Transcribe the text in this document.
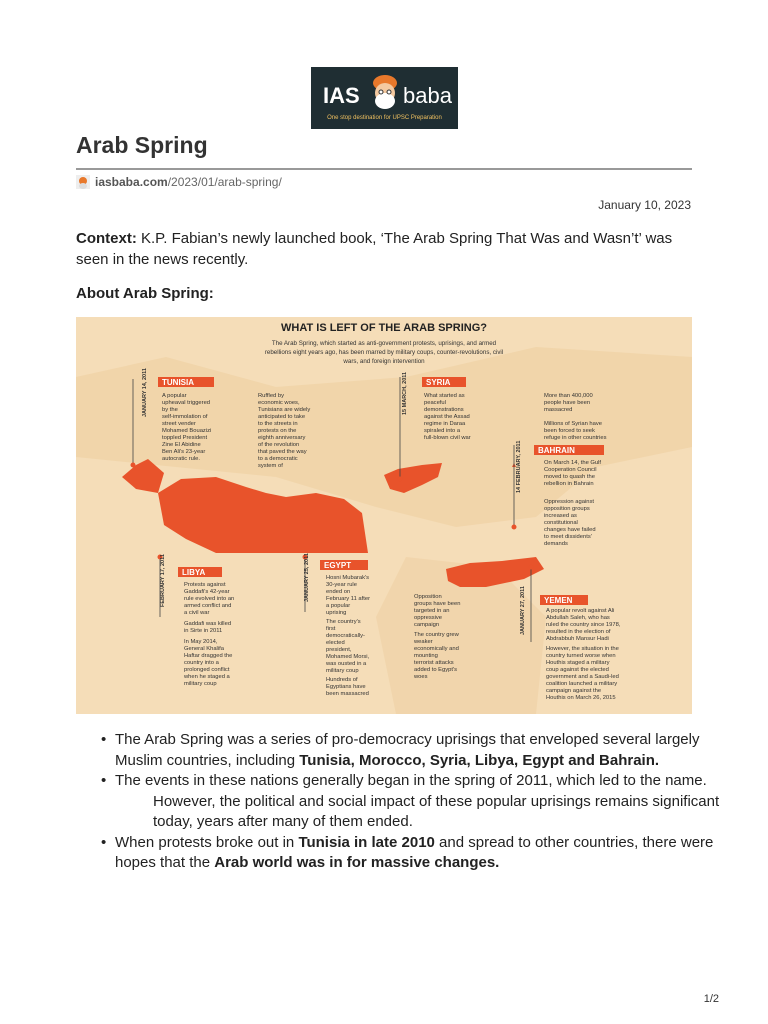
IAS baba
One stop destination for UPSC Preparation
Arab Spring
iasbaba.com/2023/01/arab-spring/
January 10, 2023
Context: K.P. Fabian’s newly launched book, ‘The Arab Spring That Was and Wasn’t’ was seen in the news recently.
About Arab Spring:
WHAT IS LEFT OF THE ARAB SPRING?
The Arab Spring, which started as anti-government protests, uprisings, and armed
rebellions eight years ago, has been marred by military coups, counter-revolutions, civil
wars, and foreign intervention
TUNISIA
JANUARY 14, 2011 A popular
upheaval triggered
by the
self-immolation of
street vender
Mohamed Bouazizi
toppled President
Zine El Abidine
Ben Ali's 23-year
autocratic rule.
Ruffled by
economic woes,
Tunisians are widely
anticipated to take
to the streets in
protests on the
eighth anniversary
of the revolution
that paved the way
to a democratic
system of
SYRIA
15 MARCH, 2011	What started as
peaceful
demonstrations
against the Assad
regime in Daraa
spiraled into a
full-blown civil war
More than 400,000
people have been
massacred
Millions of Syrian have
been forced to seek
refuge in other countries
BAHRAIN
14 FEBRUARY, 2011	On March 14, the Gulf
Cooperation Council
moved to quash the
rebellion in Bahrain
Oppression against
opposition groups
increased as
constitutional
changes have failed
to meet dissidents'
demands
LIBYA
FEBRUARY 17, 2011	Protests against
Gaddafi's 42-year
rule evolved into an
armed conflict and
a civil war
Gaddafi was killed
in Sirte in 2011
In May 2014,
General Khalifa
Haftar dragged the
country into a
prolonged conflict
when he staged a
military coup
EGYPT
JANUARY 25, 2011	Hosni Mubarak's
30-year rule
ended on
February 11 after
a popular
uprising
The country's
first
democratically-
elected
president,
Mohamed Morsi,
was ousted in a
military coup
Hundreds of
Egyptians have
been massacred
Opposition
groups have been
targeted in an
oppressive
campaign
The country grew
weaker
economically and
mounting
terrorist attacks
added to Egypt's
woes
YEMEN
JANUARY 27, 2011	A popular revolt against Ali
Abdullah Saleh, who has
ruled the country since 1978,
resulted in the election of
Abdrabbuh Mansur Hadi
However, the situation in the
country turned worse when
Houthis staged a military
coup against the elected
government and a Saudi-led
coalition launched a military
campaign against the
Houthis on March 26, 2015
• The Arab Spring was a series of pro-democracy uprisings that enveloped several largely Muslim countries, including Tunisia, Morocco, Syria, Libya, Egypt and Bahrain.
• The events in these nations generally began in the spring of 2011, which led to the name.
However, the political and social impact of these popular uprisings remains significant today, years after many of them ended.
• When protests broke out in Tunisia in late 2010 and spread to other countries, there were hopes that the Arab world was in for massive changes.
1/2
